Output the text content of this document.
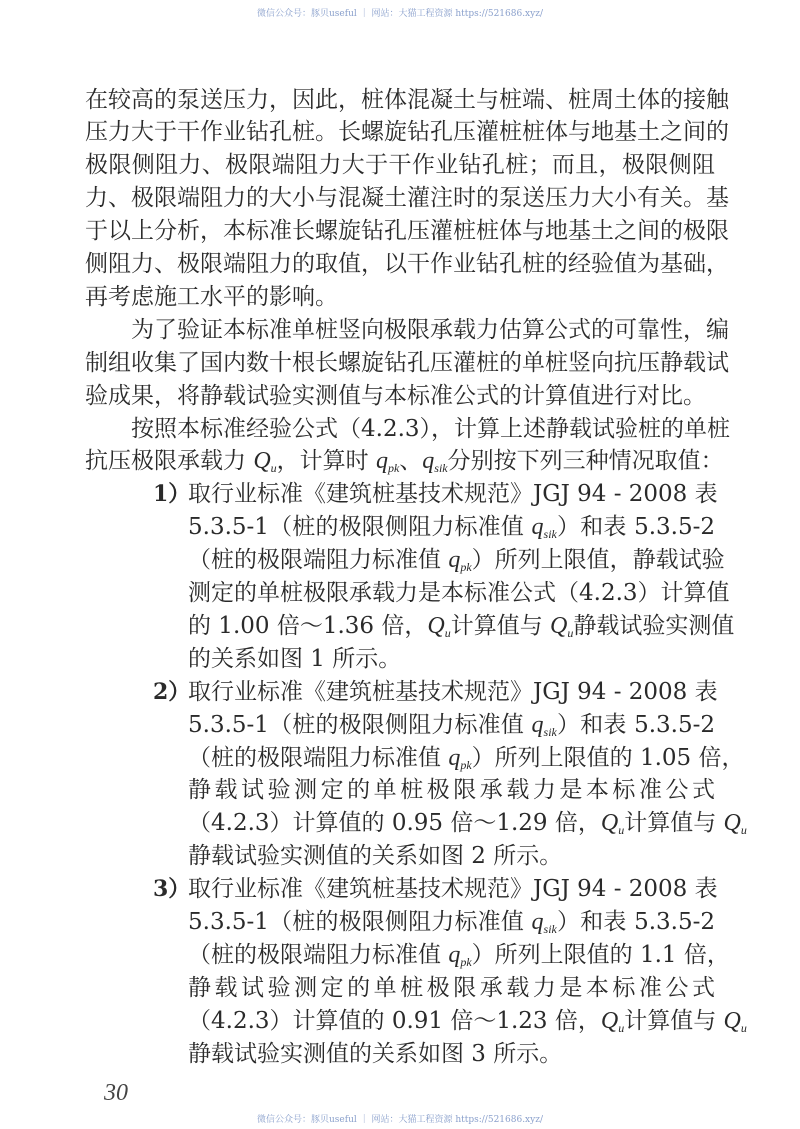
微信公众号：豚贝useful ｜ 网站：大猫工程资源 https://521686.xyz/
在较高的泵送压力，因此，桩体混凝土与桩端、桩周土体的接触
压力大于干作业钻孔桩。长螺旋钻孔压灌桩桩体与地基土之间的
极限侧阻力、极限端阻力大于干作业钻孔桩；而且，极限侧阻
力、极限端阻力的大小与混凝土灌注时的泵送压力大小有关。基
于以上分析，本标准长螺旋钻孔压灌桩桩体与地基土之间的极限
侧阻力、极限端阻力的取值，以干作业钻孔桩的经验值为基础，
再考虑施工水平的影响。
为了验证本标准单桩竖向极限承载力估算公式的可靠性，编
制组收集了国内数十根长螺旋钻孔压灌桩的单桩竖向抗压静载试
验成果，将静载试验实测值与本标准公式的计算值进行对比。
按照本标准经验公式（4.2.3），计算上述静载试验桩的单桩
抗压极限承载力 $Q_u$，计算时 $q_{pk}$、$q_{sik}$分别按下列三种情况取值：
1）
取行业标准《建筑桩基技术规范》JGJ 94 - 2008 表
5.3.5-1（桩的极限侧阻力标准值 $q_{sik}$）和表 5.3.5-2
（桩的极限端阻力标准值 $q_{pk}$）所列上限值，静载试验
测定的单桩极限承载力是本标准公式（4.2.3）计算值
的 1.00 倍～1.36 倍，$Q_u$计算值与 $Q_u$静载试验实测值
的关系如图 1 所示。
2）
取行业标准《建筑桩基技术规范》JGJ 94 - 2008 表
5.3.5-1（桩的极限侧阻力标准值 $q_{sik}$）和表 5.3.5-2
（桩的极限端阻力标准值 $q_{pk}$）所列上限值的 1.05 倍，
静载试验测定的单桩极限承载力是本标准公式
（4.2.3）计算值的 0.95 倍～1.29 倍，$Q_u$计算值与 $Q_u$
静载试验实测值的关系如图 2 所示。
3）
取行业标准《建筑桩基技术规范》JGJ 94 - 2008 表
5.3.5-1（桩的极限侧阻力标准值 $q_{sik}$）和表 5.3.5-2
（桩的极限端阻力标准值 $q_{pk}$）所列上限值的 1.1 倍，
静载试验测定的单桩极限承载力是本标准公式
（4.2.3）计算值的 0.91 倍～1.23 倍，$Q_u$计算值与 $Q_u$
静载试验实测值的关系如图 3 所示。
30
微信公众号：豚贝useful ｜ 网站：大猫工程资源 https://521686.xyz/
